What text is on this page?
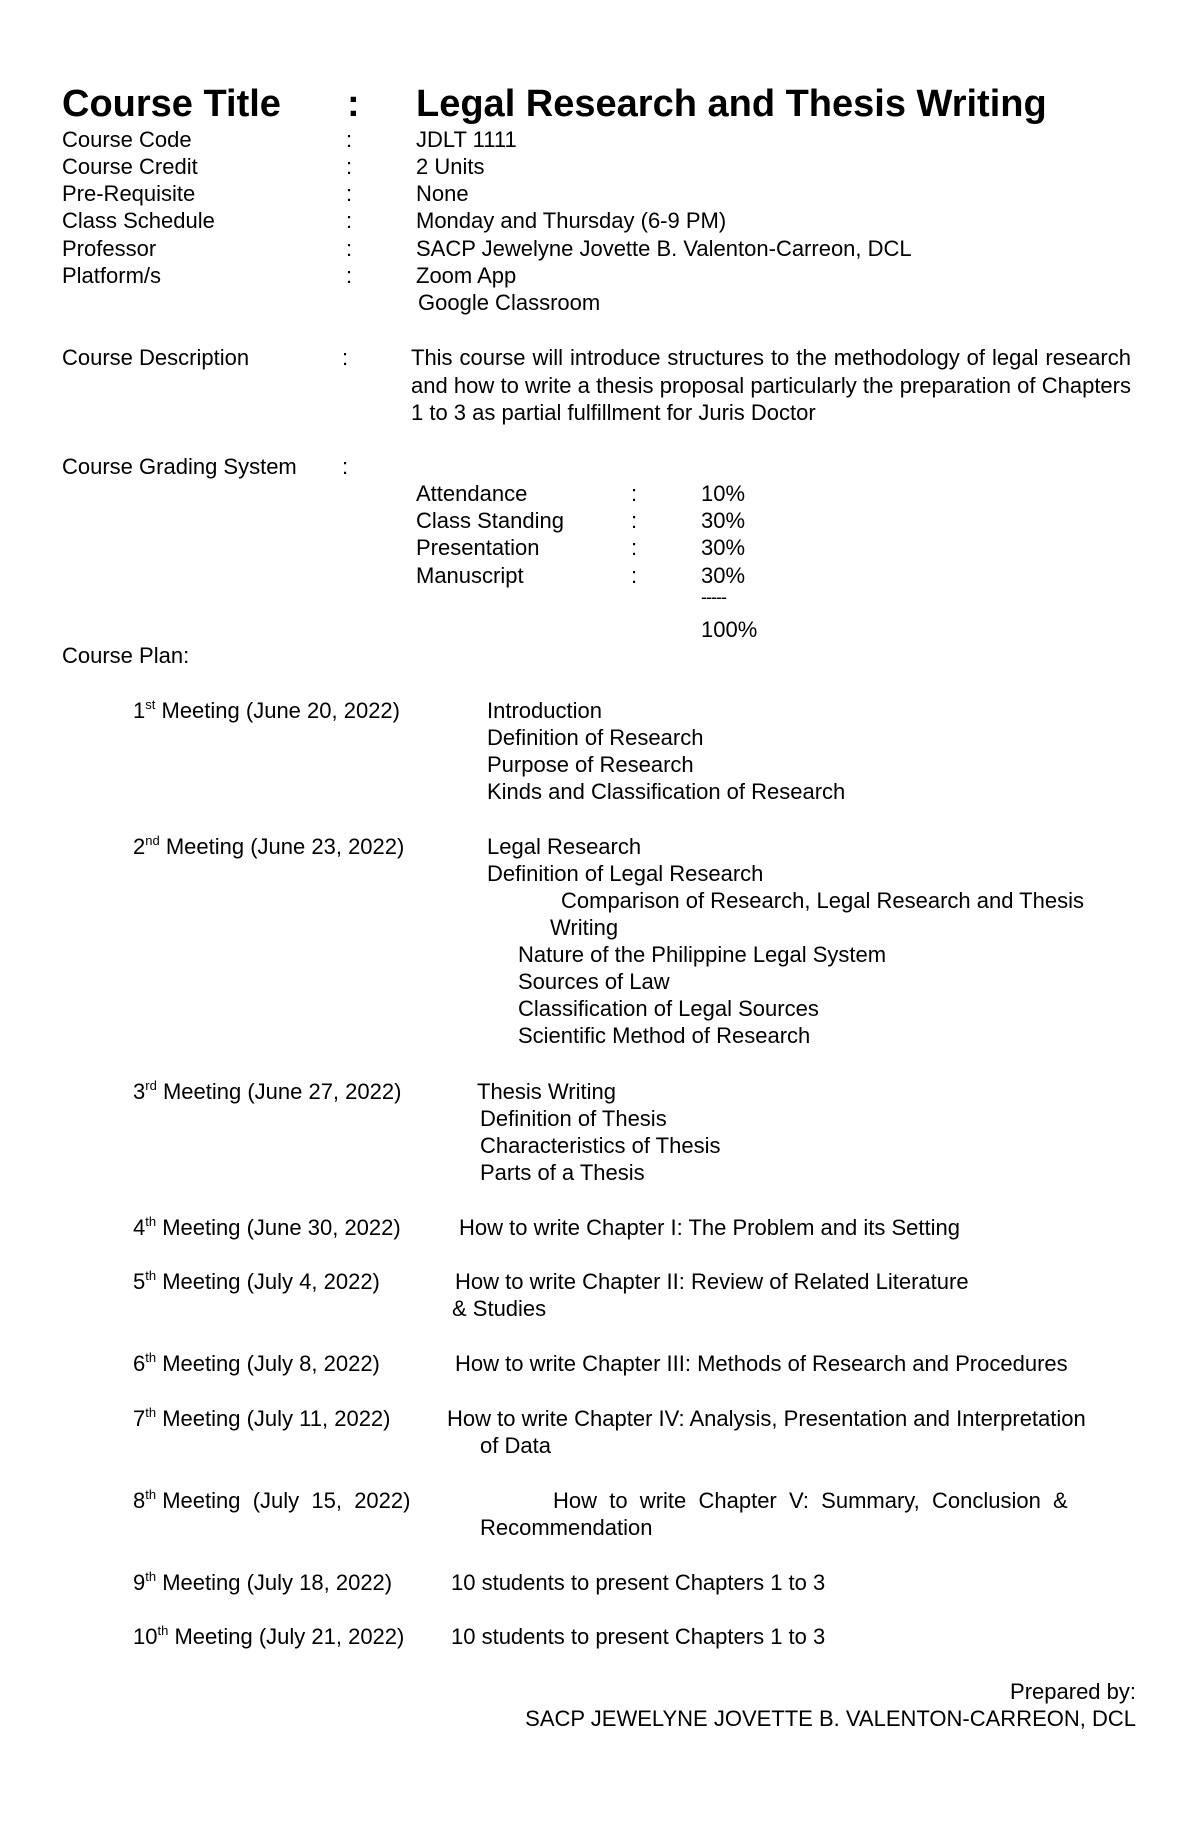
Course Title : Legal Research and Thesis Writing
Course Code	:	JDLT 1111
Course Credit	:	2 Units
Pre-Requisite	:	None
Class Schedule	:	Monday and Thursday (6-9 PM)
Professor	:	SACP Jewelyne Jovette B. Valenton-Carreon, DCL
Platform/s	:	Zoom App
Google Classroom
Course Description	:	This course will introduce structures to the methodology of legal research and how to write a thesis proposal particularly the preparation of Chapters 1 to 3 as partial fulfillment for Juris Doctor
Course Grading System :
Attendance	:	10%
Class Standing	:	30%
Presentation	:	30%
Manuscript	:	30%
-----
100%
Course Plan:
1st Meeting (June 20, 2022)	Introduction
Definition of Research
Purpose of Research
Kinds and Classification of Research
2nd Meeting (June 23, 2022)	Legal Research
Definition of Legal Research
Comparison of Research, Legal Research and Thesis
Writing
Nature of the Philippine Legal System
Sources of Law
Classification of Legal Sources
Scientific Method of Research
3rd Meeting (June 27, 2022)	Thesis Writing
Definition of Thesis
Characteristics of Thesis
Parts of a Thesis
4th Meeting (June 30, 2022)	How to write Chapter I: The Problem and its Setting
5th Meeting (July 4, 2022)	How to write Chapter II: Review of Related Literature
& Studies
6th Meeting (July 8, 2022)	How to write Chapter III: Methods of Research and Procedures
7th Meeting (July 11, 2022)	How to write Chapter IV: Analysis, Presentation and Interpretation
of Data
8th Meeting  (July  15,  2022)	How  to  write  Chapter  V:  Summary,  Conclusion  &
Recommendation
9th Meeting (July 18, 2022)	10 students to present Chapters 1 to 3
10th Meeting (July 21, 2022) 10 students to present Chapters 1 to 3
Prepared by:
SACP JEWELYNE JOVETTE B. VALENTON-CARREON, DCL
